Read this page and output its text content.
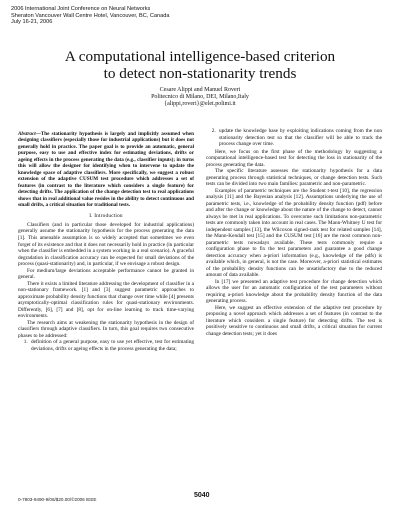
2006 International Joint Conference on Neural Networks
Sheraton Vancouver Wall Centre Hotel, Vancouver, BC, Canada
July 16-21, 2006
A computational intelligence-based criterion
to detect non-stationarity trends
Cesare Alippi and Manuel Roveri
Politecnico di Milano, DEI, Milano,Italy
{alippi,roveri}@elet.polimi.it

Abstract—The stationarity hypothesis is largely and implicitly assumed when designing classifiers (especially those for industrial applications) but it does not generally hold in practice. The paper goal is to provide an automatic, general purpose, easy to use and effective index for estimating deviations, drifts or ageing effects in the process generating the data (e.g., classifier inputs); in turns this will allow the designer for identifying when to intervene to update the knowledge space of adaptive classifiers. More specifically, we suggest a robust extension of the adaptive CUSUM test procedure which addresses a set of features (in contrast to the literature which considers a single feature) for detecting drifts. The application of the change detection test to real applications shows that in real additional value resides in the ability to detect continuous and small drifts, a critical situation for traditional tests.

I. Introduction

Classifiers (and in particular those developed for industrial applications) generally assume the stationarity hypothesis for the process generating the data [1]. This amenable assumption is so widely accepted that sometimes we even forget of its existence and that it does not necessarily hold in practice (in particular when the classifier is embedded in a system working in a real scenario). A graceful degradation in classification accuracy can be expected for small deviations of the process (quasi-stationarity) and, in particular, if we envisage a robust design.

For medium/large deviations acceptable performance cannot be granted in general.

There it exists a limited literature addressing the development of classifier in a non-stationary framework. [1] and [3] suggest parametric approaches to approximate probability density functions that change over time while [4] presents asymptotically-optimal classification rules for quasi-stationary environments. Differently, [6], [7] and [8], opt for on-line learning to track time-varying environments.

The research aims at weakening the stationarity hypothesis in the design of classifiers through adaptive classifiers. In turn, this goal requires two consecutive phases to be addressed:

1. definition of a general purpose, easy to use yet effective, test for estimating deviations, drifts or ageing effects in the process generating the data;
2. update the knowledge base by exploiting indications coming from the non stationarity detection test so that the classifier will be able to track the process change over time.

Here, we focus on the first phase of the methodology by suggesting a computational intelligence-based test for detecting the loss in stationarity of the process generating the data.

The specific literature assesses the stationarity hypothesis for a data generating process through statistical techniques, or change detection tests. Such tests can be divided into two main families: parametric and non-parametric.

Examples of parametric techniques are the Student t-test [10], the regression analysis [11] and the Bayesian analysis [12]. Assumptions underlying the use of parametric tests, i.e., knowledge of the probability density function (pdf) before and after the change or knowledge about the nature of the change to detect, cannot always be met in real applications. To overcome such limitations non-parametric tests are commonly taken into account in real cases. The Mann-Whitney U test for independent samples [13], the Wilcoxon signed-rank test for related samples [14], the Mann-Kendall test [15] and the CUSUM test [16] are the most common non-parametric tests nowadays available. These tests commonly require a configuration phase to fix the test parameters and guarantee a good change detection accuracy when a-priori information (e.g., knowledge of the pdfs) is available which, in general, is not the case. Moreover, a-priori statistical estimates of the probability density functions can be unsatisfactory due to the reduced amount of data available.

In [17] we presented an adaptive test procedure for change detection which allows the user for an automatic configuration of the test parameters without requiring a-priori knowledge about the probability density function of the data generating process.

Here, we suggest an effective extension of the adaptive test procedure by proposing a novel approach which addresses a set of features (in contrast to the literature which considers a single feature) for detecting drifts. The test is positively sensitive to continuous and small drifts, a critical situation for current change detection tests; yet it does

0-7803-9490-9/06/$20.00/©2006 IEEE
5040
